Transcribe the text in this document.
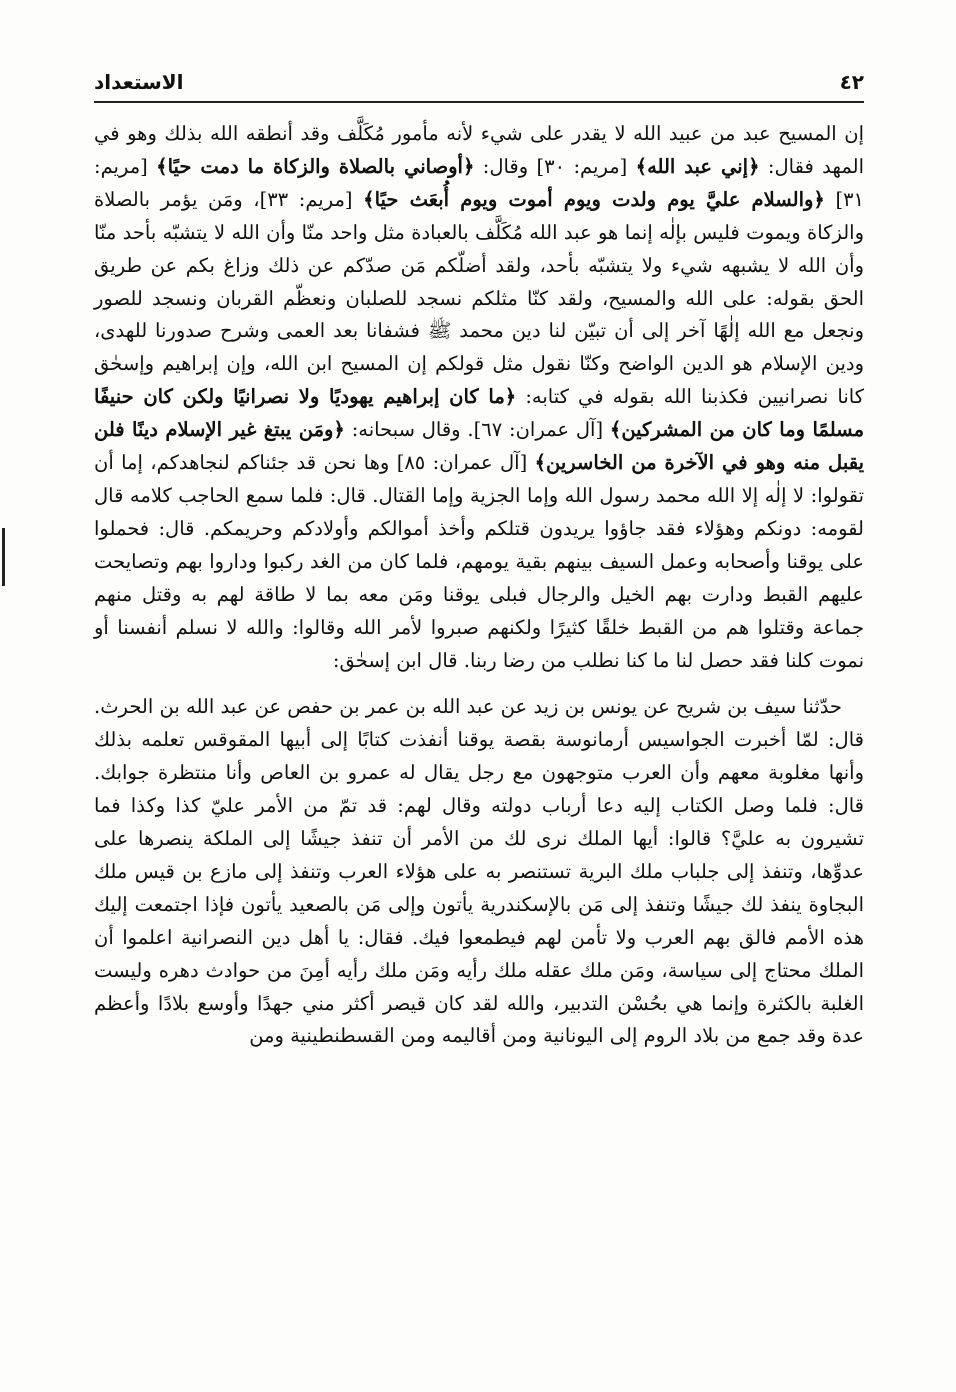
٤٢
الاستعداد

إن المسيح عبد من عبيد الله لا يقدر على شيء لأنه مأمور مُكَلَّف وقد أنطقه الله بذلك وهو في المهد فقال: ﴿إني عبد الله﴾ [مريم: ٣٠] وقال: ﴿أوصاني بالصلاة والزكاة ما دمت حيًا﴾ [مريم: ٣١] ﴿والسلام عليَّ يوم ولدت ويوم أموت ويوم أُبعَث حيًا﴾ [مريم: ٣٣]، ومَن يؤمر بالصلاة والزكاة ويموت فليس بإلٰه إنما هو عبد الله مُكَلَّف بالعبادة مثل واحد منّا وأن الله لا يتشبّه بأحد منّا وأن الله لا يشبهه شيء ولا يتشبّه بأحد، ولقد أضلّكم مَن صدّكم عن ذلك وزاغ بكم عن طريق الحق بقوله: على الله والمسيح، ولقد كنّا مثلكم نسجد للصلبان ونعظّم القربان ونسجد للصور ونجعل مع الله إلٰهًا آخر إلى أن تبيّن لنا دين محمد ﷺ فشفانا بعد العمى وشرح صدورنا للهدى، ودين الإسلام هو الدين الواضح وكنّا نقول مثل قولكم إن المسيح ابن الله، وإن إبراهيم وإسحٰق كانا نصرانيين فكذبنا الله بقوله في كتابه: ﴿ما كان إبراهيم يهوديًا ولا نصرانيًا ولكن كان حنيفًا مسلمًا وما كان من المشركين﴾ [آل عمران: ٦٧]. وقال سبحانه: ﴿ومَن يبتغ غير الإسلام دينًا فلن يقبل منه وهو في الآخرة من الخاسرين﴾ [آل عمران: ٨٥] وها نحن قد جئناكم لنجاهدكم، إما أن تقولوا: لا إلٰه إلا الله محمد رسول الله وإما الجزية وإما القتال. قال: فلما سمع الحاجب كلامه قال لقومه: دونكم وهؤلاء فقد جاؤوا يريدون قتلكم وأخذ أموالكم وأولادكم وحريمكم. قال: فحملوا على يوقنا وأصحابه وعمل السيف بينهم بقية يومهم، فلما كان من الغد ركبوا وداروا بهم وتصايحت عليهم القبط ودارت بهم الخيل والرجال فبلى يوقنا ومَن معه بما لا طاقة لهم به وقتل منهم جماعة وقتلوا هم من القبط خلقًا كثيرًا ولكنهم صبروا لأمر الله وقالوا: والله لا نسلم أنفسنا أو نموت كلنا فقد حصل لنا ما كنا نطلب من رضا ربنا. قال ابن إسحٰق:

حدّثنا سيف بن شريح عن يونس بن زيد عن عبد الله بن عمر بن حفص عن عبد الله بن الحرث. قال: لمّا أخبرت الجواسيس أرمانوسة بقصة يوقنا أنفذت كتابًا إلى أبيها المقوقس تعلمه بذلك وأنها مغلوبة معهم وأن العرب متوجهون مع رجل يقال له عمرو بن العاص وأنا منتظرة جوابك. قال: فلما وصل الكتاب إليه دعا أرباب دولته وقال لهم: قد تمّ من الأمر عليّ كذا وكذا فما تشيرون به عليَّ؟ قالوا: أيها الملك نرى لك من الأمر أن تنفذ جيشًا إلى الملكة ينصرها على عدوِّها، وتنفذ إلى جلباب ملك البرية تستنصر به على هؤلاء العرب وتنفذ إلى مازع بن قيس ملك البجاوة ينفذ لك جيشًا وتنفذ إلى مَن بالإسكندرية يأتون وإلى مَن بالصعيد يأتون فإذا اجتمعت إليك هذه الأمم فالق بهم العرب ولا تأمن لهم فيطمعوا فيك. فقال: يا أهل دين النصرانية اعلموا أن الملك محتاج إلى سياسة، ومَن ملك عقله ملك رأيه ومَن ملك رأيه أمِنَ من حوادث دهره وليست الغلبة بالكثرة وإنما هي بحُسْن التدبير، والله لقد كان قيصر أكثر مني جهدًا وأوسع بلادًا وأعظم عدة وقد جمع من بلاد الروم إلى اليونانية ومن أقاليمه ومن القسطنطينية ومن
